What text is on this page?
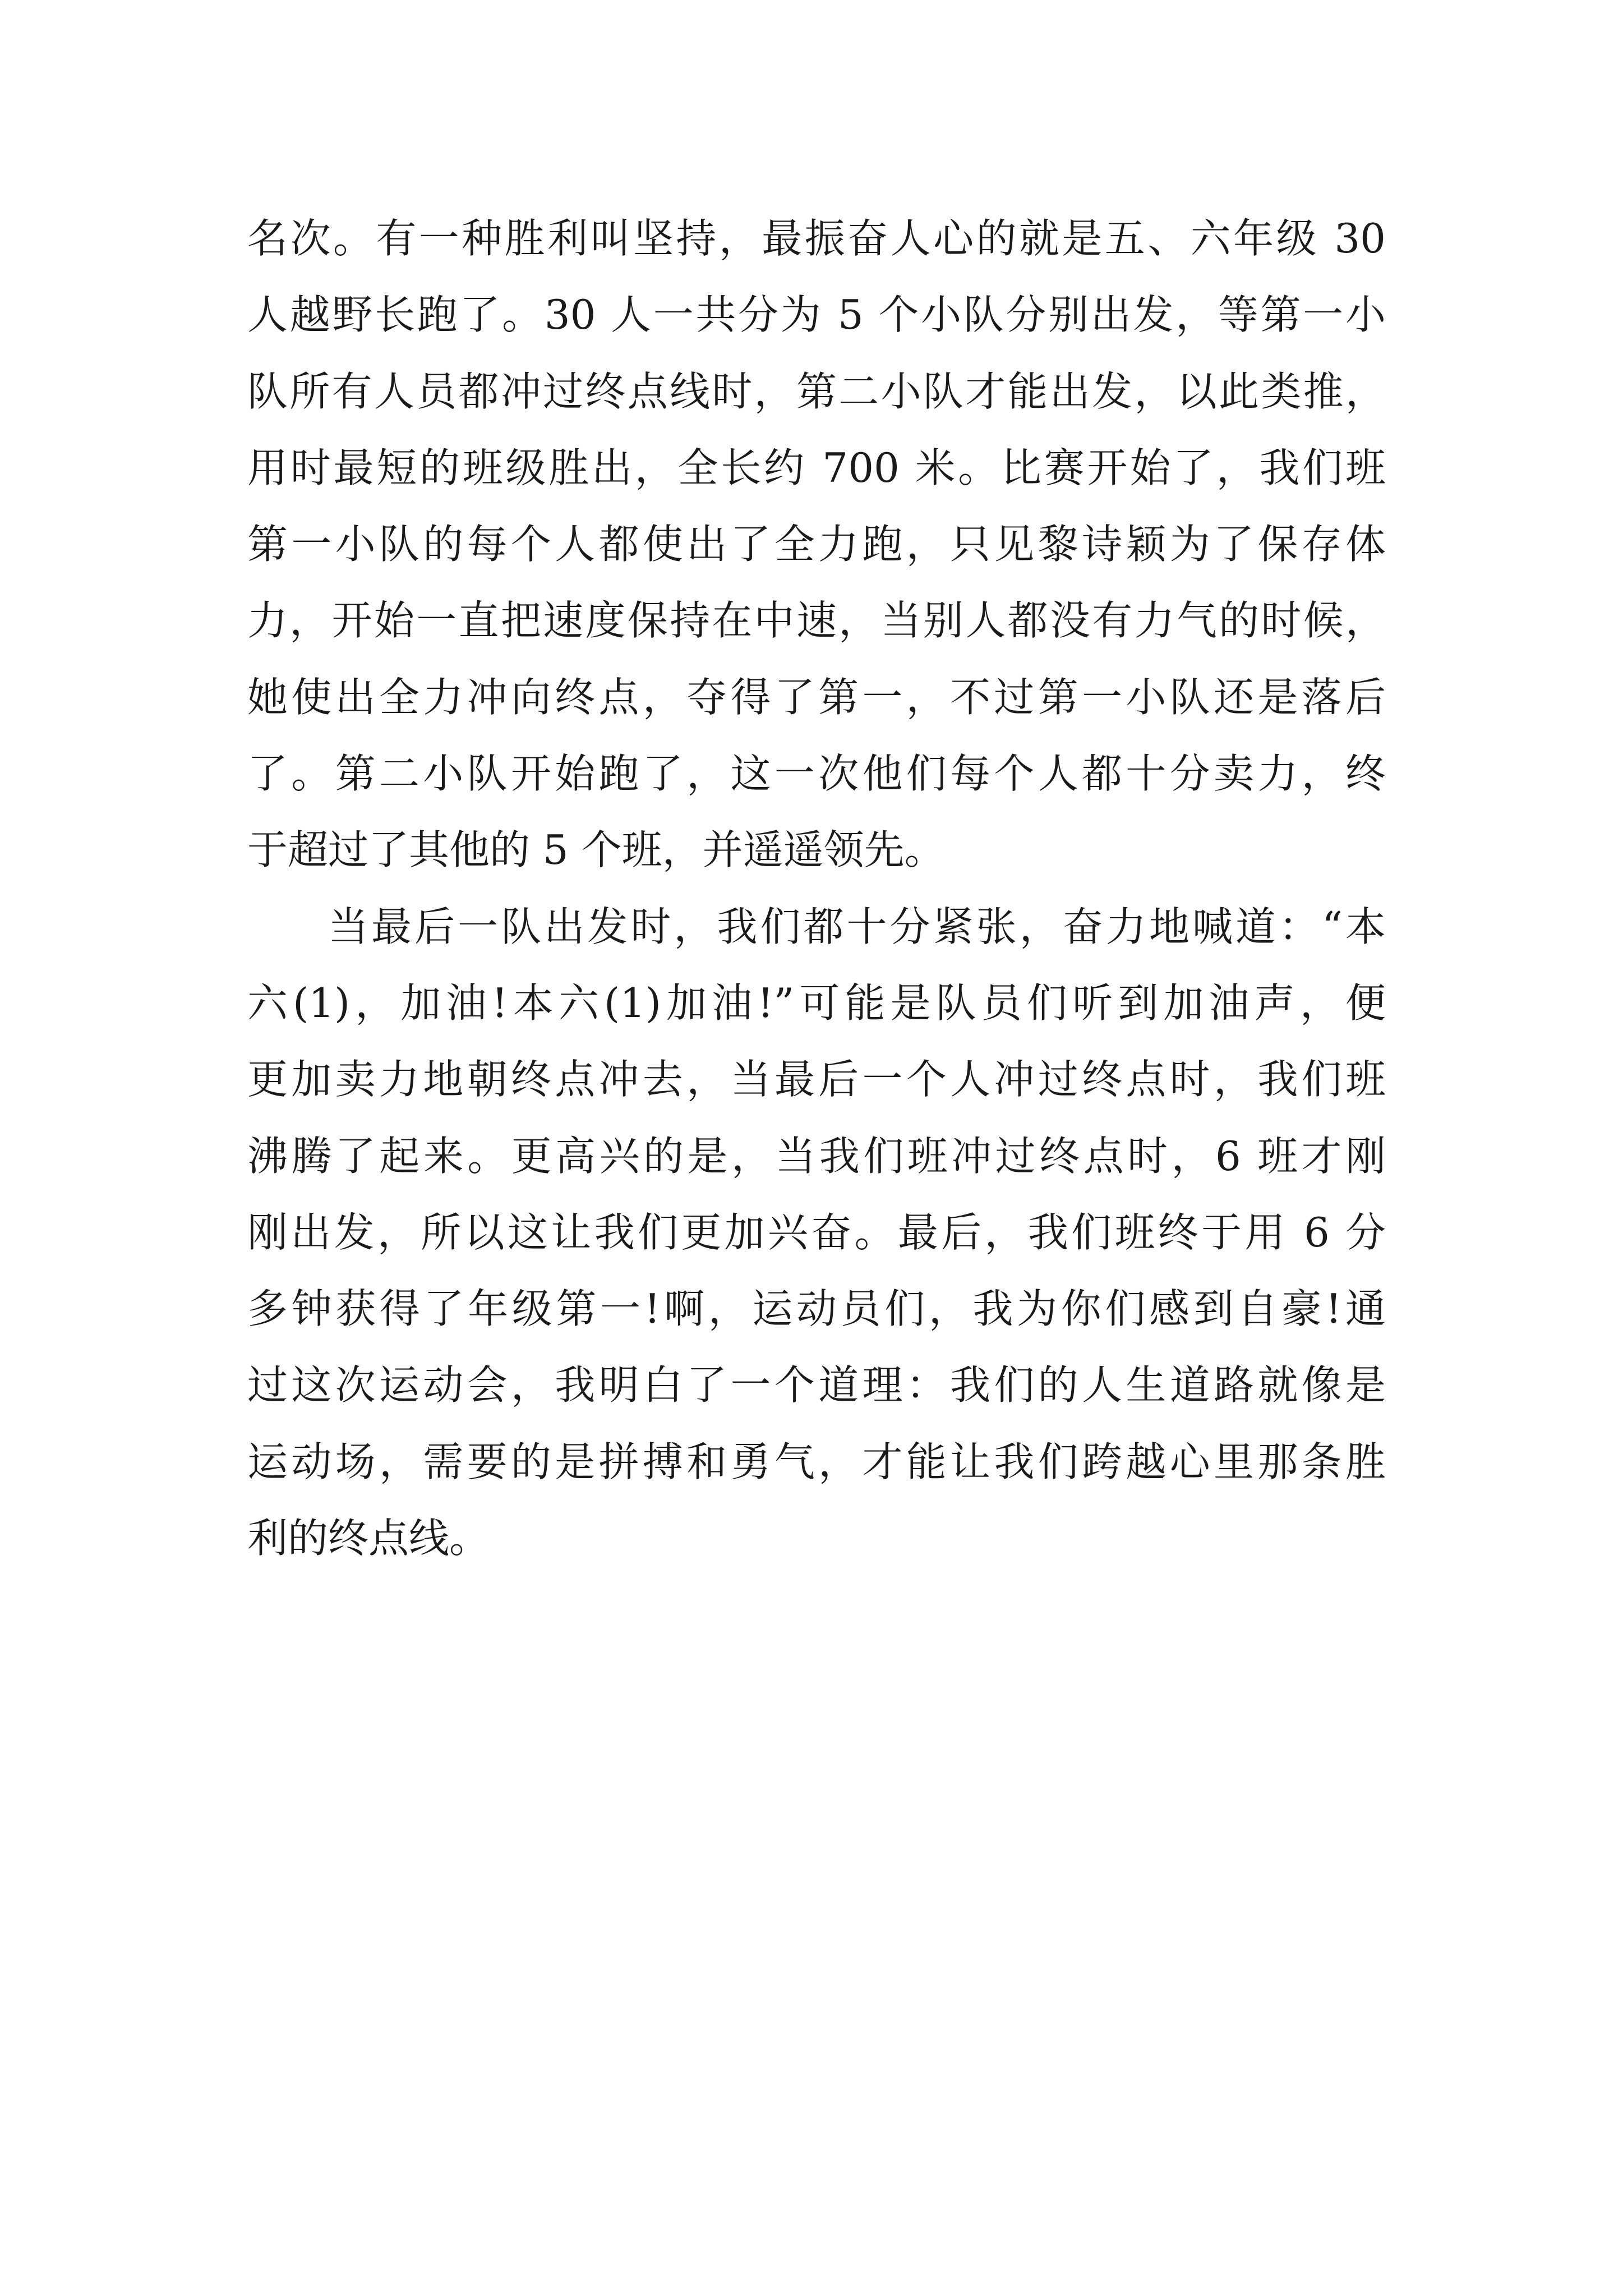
名次。有一种胜利叫坚持，最振奋人心的就是五、六年级 30
人越野长跑了。30 人一共分为 5 个小队分别出发，等第一小
队所有人员都冲过终点线时，第二小队才能出发，以此类推，
用时最短的班级胜出，全长约 700 米。比赛开始了，我们班
第一小队的每个人都使出了全力跑，只见黎诗颖为了保存体
力，开始一直把速度保持在中速，当别人都没有力气的时候，
她使出全力冲向终点，夺得了第一，不过第一小队还是落后
了。第二小队开始跑了，这一次他们每个人都十分卖力，终
于超过了其他的 5 个班，并遥遥领先。
当最后一队出发时，我们都十分紧张，奋力地喊道：“本
六(1)，加油!本六(1)加油!”可能是队员们听到加油声，便
更加卖力地朝终点冲去，当最后一个人冲过终点时，我们班
沸腾了起来。更高兴的是，当我们班冲过终点时，6 班才刚
刚出发，所以这让我们更加兴奋。最后，我们班终于用 6 分
多钟获得了年级第一!啊，运动员们，我为你们感到自豪!通
过这次运动会，我明白了一个道理：我们的人生道路就像是
运动场，需要的是拼搏和勇气，才能让我们跨越心里那条胜
利的终点线。
